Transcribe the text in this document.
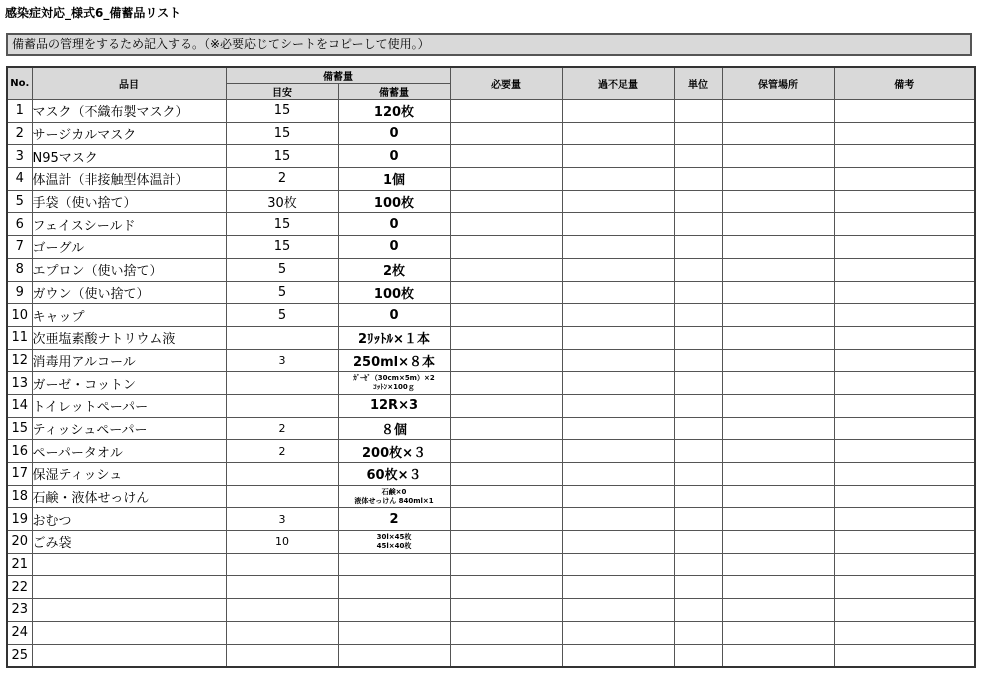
感染症対応_様式6_備蓄品リスト
備蓄品の管理をするため記入する。（※必要応じてシートをコピーして使用。）
No.	品目	備蓄量		必要量	過不足量	単位	保管場所	備考
		目安	備蓄量					
1	マスク（不織布製マスク）	15	120枚					
2	サージカルマスク	15	0					
3	N95マスク	15	0					
4	体温計（非接触型体温計）	2	1個					
5	手袋（使い捨て）	30枚	100枚					
6	フェイスシールド	15	0					
7	ゴーグル	15	0					
8	エプロン（使い捨て）	5	2枚					
9	ガウン（使い捨て）	5	100枚					
10	キャップ	5	0					
11	次亜塩素酸ナトリウム液		2ﾘｯﾄﾙ×１本					
12	消毒用アルコール	3	250ml×８本					
13	ガーゼ・コットン		ｶﾞｰｾﾞ（30cm×5m）×2
ｺｯﾄﾝ×100ｇ					

14	トイレットペーパー		12R×3					
15	ティッシュペーパー	2	８個					
16	ペーパータオル	2	200枚×３					
17	保湿ティッシュ		60枚×３					
18	石鹸・液体せっけん		石鹸×0
液体せっけん 840ml×1					

19	おむつ	3	2					
20	ごみ袋	10	30l×45枚
45l×40枚					

21								
22								
23								
24								
25								
